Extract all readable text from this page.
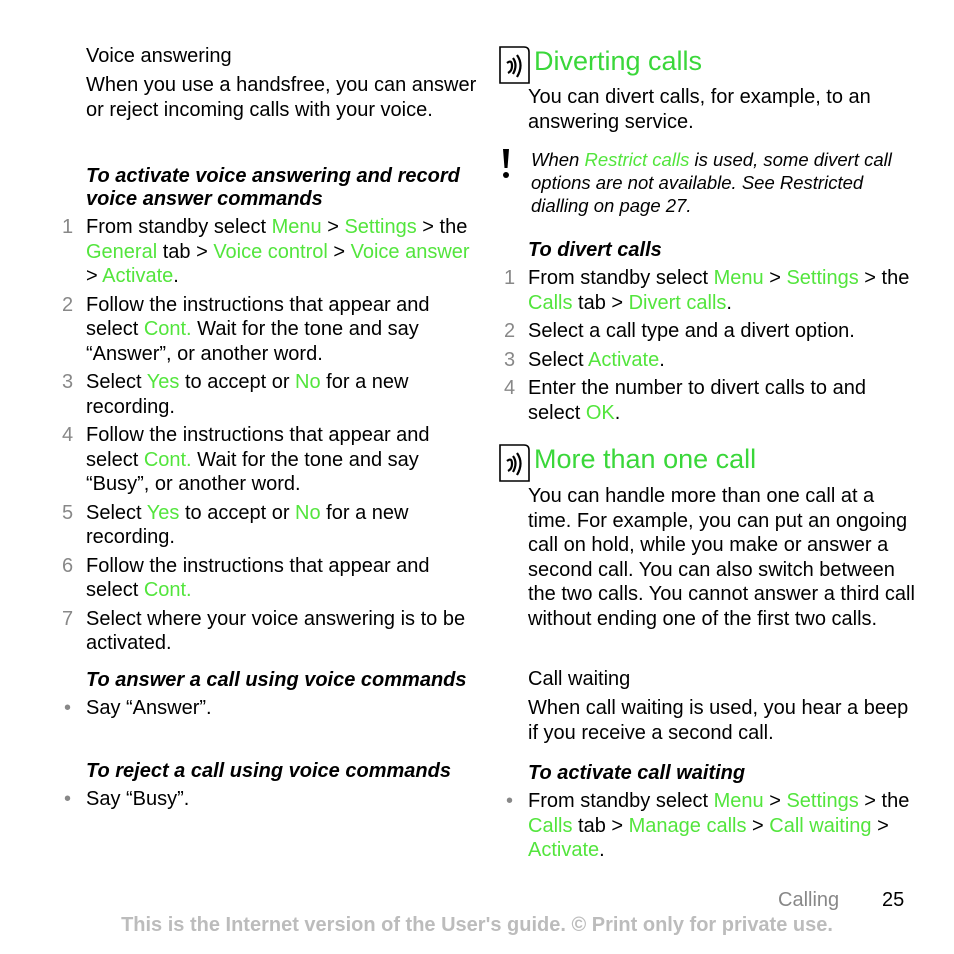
Voice answering

When you use a handsfree, you can answer or reject incoming calls with your voice.

To activate voice answering and record voice answer commands

1 From standby select Menu > Settings > the General tab > Voice control > Voice answer > Activate.
2 Follow the instructions that appear and select Cont. Wait for the tone and say “Answer”, or another word.
3 Select Yes to accept or No for a new recording.
4 Follow the instructions that appear and select Cont. Wait for the tone and say “Busy”, or another word.
5 Select Yes to accept or No for a new recording.
6 Follow the instructions that appear and select Cont.
7 Select where your voice answering is to be activated.

To answer a call using voice commands

• Say “Answer”.

To reject a call using voice commands

• Say “Busy”.
Diverting calls

You can divert calls, for example, to an answering service.

When Restrict calls is used, some divert call options are not available. See Restricted dialling on page 27.

To divert calls

1 From standby select Menu > Settings > the Calls tab > Divert calls.
2 Select a call type and a divert option.
3 Select Activate.
4 Enter the number to divert calls to and select OK.
More than one call

You can handle more than one call at a time. For example, you can put an ongoing call on hold, while you make or answer a second call. You can also switch between the two calls. You cannot answer a third call without ending one of the first two calls.

Call waiting

When call waiting is used, you hear a beep if you receive a second call.

To activate call waiting

• From standby select Menu > Settings > the Calls tab > Manage calls > Call waiting > Activate.
Calling 25
This is the Internet version of the User's guide. © Print only for private use.
